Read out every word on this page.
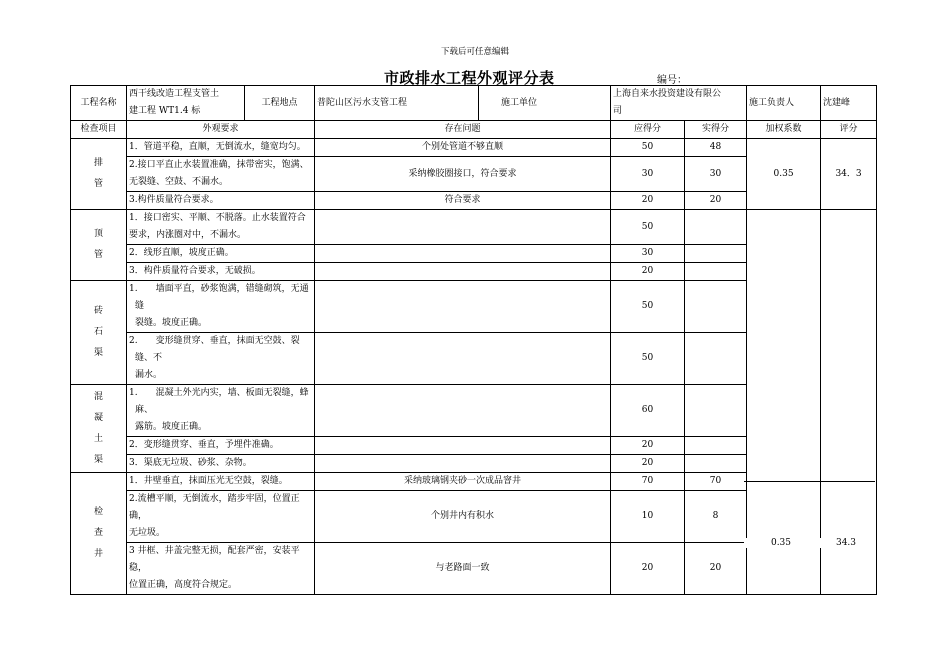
下载后可任意编辑
市政排水工程外观评分表	编号：
工程名称	西干线改造工程支管土
建工程 WT1.4 标	工程地点	普陀山区污水支管工程	施工单位	上海自来水投资建设有限公
司		施工负责人	沈建峰
检查项目	外观要求		存在问题		应得分	实得分	加权系数	评分
排
管	1．管道平稳，直顺，无倒流水，缝宽均匀。		个别处管道不够直顺		50	48	0.35	34．3
	2.接口平直止水装置准确，抹带密实，饱满、
无裂缝、空鼓、不漏水。		采纳橡胶圈接口，符合要求		30	30		
	3.构件质量符合要求。		符合要求		20	20		
顶
管	1．接口密实、平顺、不脱落。止水装置符合
要求，内涨圈对中，不漏水。				50			
	2．线形直顺，坡度正确。				30			
	3．构件质量符合要求，无破损。				20			
砖
石
渠	1.　　墙面平直，砂浆饱满，错缝砌筑，无通
缝
裂缝。坡度正确。				50			
	2.　　变形缝贯穿、垂直，抹面无空鼓、裂
缝、不
漏水。				50			
混
凝
土
渠	1.　　混凝土外光内实，墙、板面无裂缝，蜂
麻、
露筋。坡度正确。				60			
	2．变形缝贯穿、垂直，予埋件准确。				20			
	3．渠底无垃圾、砂浆、杂物。				20			
检
查
井	1．井壁垂直，抹面压光无空鼓，裂缝。		采纳玻璃钢夹砂一次成品窨井		70	70		
	2.流槽平顺，无倒流水，踏步牢固，位置正
确，
无垃圾。		个别井内有积水		10	8		
	3 井框、井盖完整无损，配套严密，安装平
稳，
位置正确，高度符合规定。		与老路面一致		20	20		
0.35	34.3
